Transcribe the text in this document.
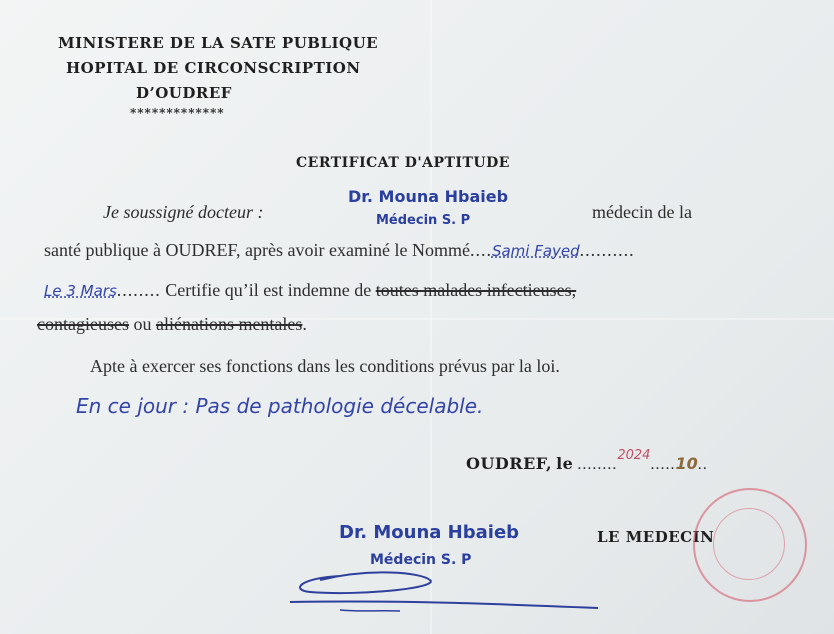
MINISTERE DE LA SATE PUBLIQUE
HOPITAL DE CIRCONSCRIPTION
D’OUDREF
*************
CERTIFICAT D'APTITUDE
Dr. Mouna Hbaieb
Médecin S. P
Je soussigné docteur :	médecin de la
santé publique à OUDREF, après avoir examiné le Nommé....Sami Fayed..........
Le 3 Mars........ Certifie qu’il est indemne de toutes malades infectieuses,
contagieuses ou aliénations mentales.
Apte à exercer ses fonctions dans les conditions prévus par la loi.
En ce jour : Pas de pathologie décelable.
OUDREF, le ........$^{2024}$.....10..
Dr. Mouna Hbaieb
Médecin S. P
LE MEDECIN
